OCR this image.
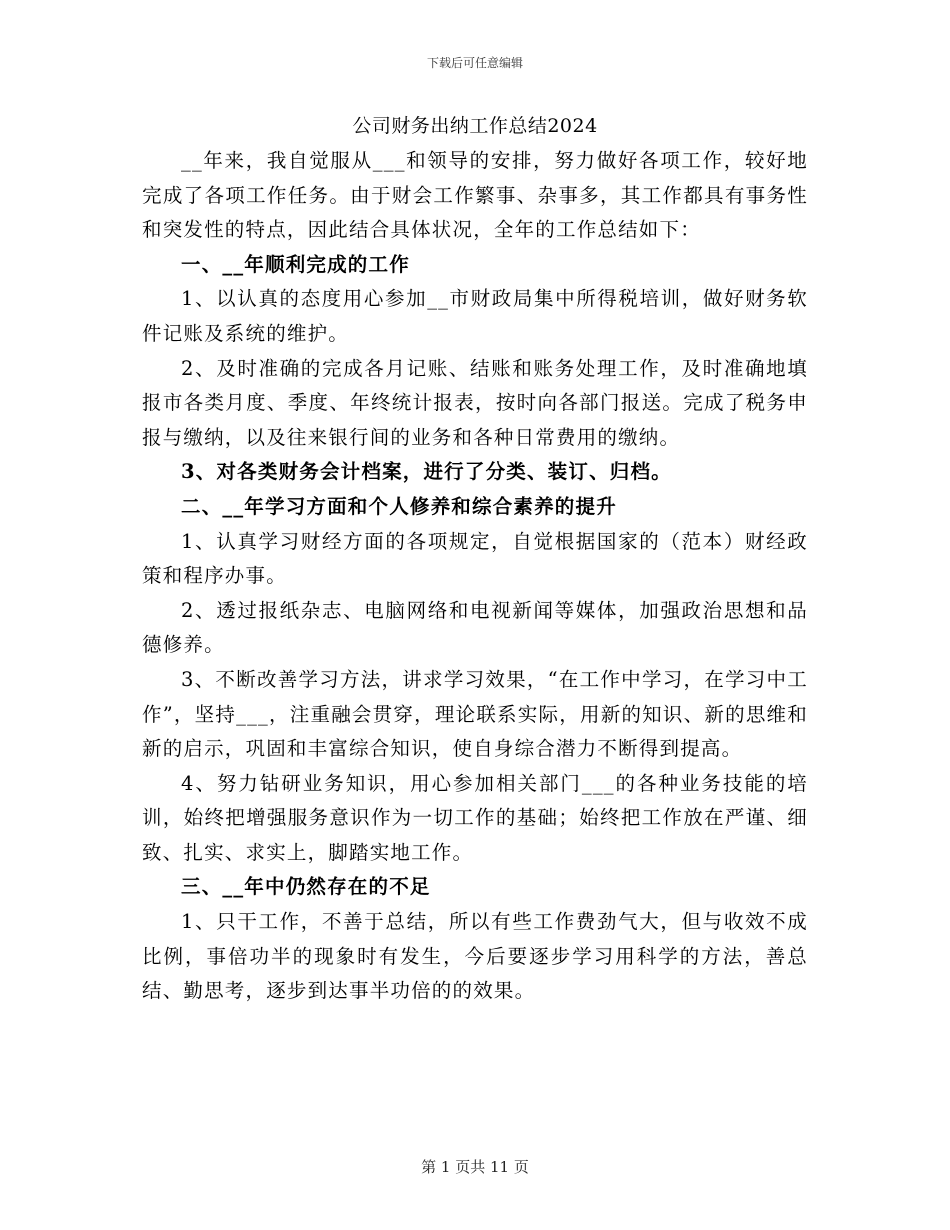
下载后可任意编辑
公司财务出纳工作总结2024

__年来，我自觉服从___和领导的安排，努力做好各项工作，较好地完成了各项工作任务。由于财会工作繁事、杂事多，其工作都具有事务性和突发性的特点，因此结合具体状况，全年的工作总结如下：

一、__年顺利完成的工作

1、以认真的态度用心参加__市财政局集中所得税培训，做好财务软件记账及系统的维护。

2、及时准确的完成各月记账、结账和账务处理工作，及时准确地填报市各类月度、季度、年终统计报表，按时向各部门报送。完成了税务申报与缴纳，以及往来银行间的业务和各种日常费用的缴纳。

3、对各类财务会计档案，进行了分类、装订、归档。

二、__年学习方面和个人修养和综合素养的提升

1、认真学习财经方面的各项规定，自觉根据国家的（范本）财经政策和程序办事。

2、透过报纸杂志、电脑网络和电视新闻等媒体，加强政治思想和品德修养。

3、不断改善学习方法，讲求学习效果，“在工作中学习，在学习中工作”，坚持___，注重融会贯穿，理论联系实际，用新的知识、新的思维和新的启示，巩固和丰富综合知识，使自身综合潜力不断得到提高。

4、努力钻研业务知识，用心参加相关部门___的各种业务技能的培训，始终把增强服务意识作为一切工作的基础；始终把工作放在严谨、细致、扎实、求实上，脚踏实地工作。

三、__年中仍然存在的不足

1、只干工作，不善于总结，所以有些工作费劲气大，但与收效不成比例，事倍功半的现象时有发生，今后要逐步学习用科学的方法，善总结、勤思考，逐步到达事半功倍的的效果。

第 1 页共 11 页
